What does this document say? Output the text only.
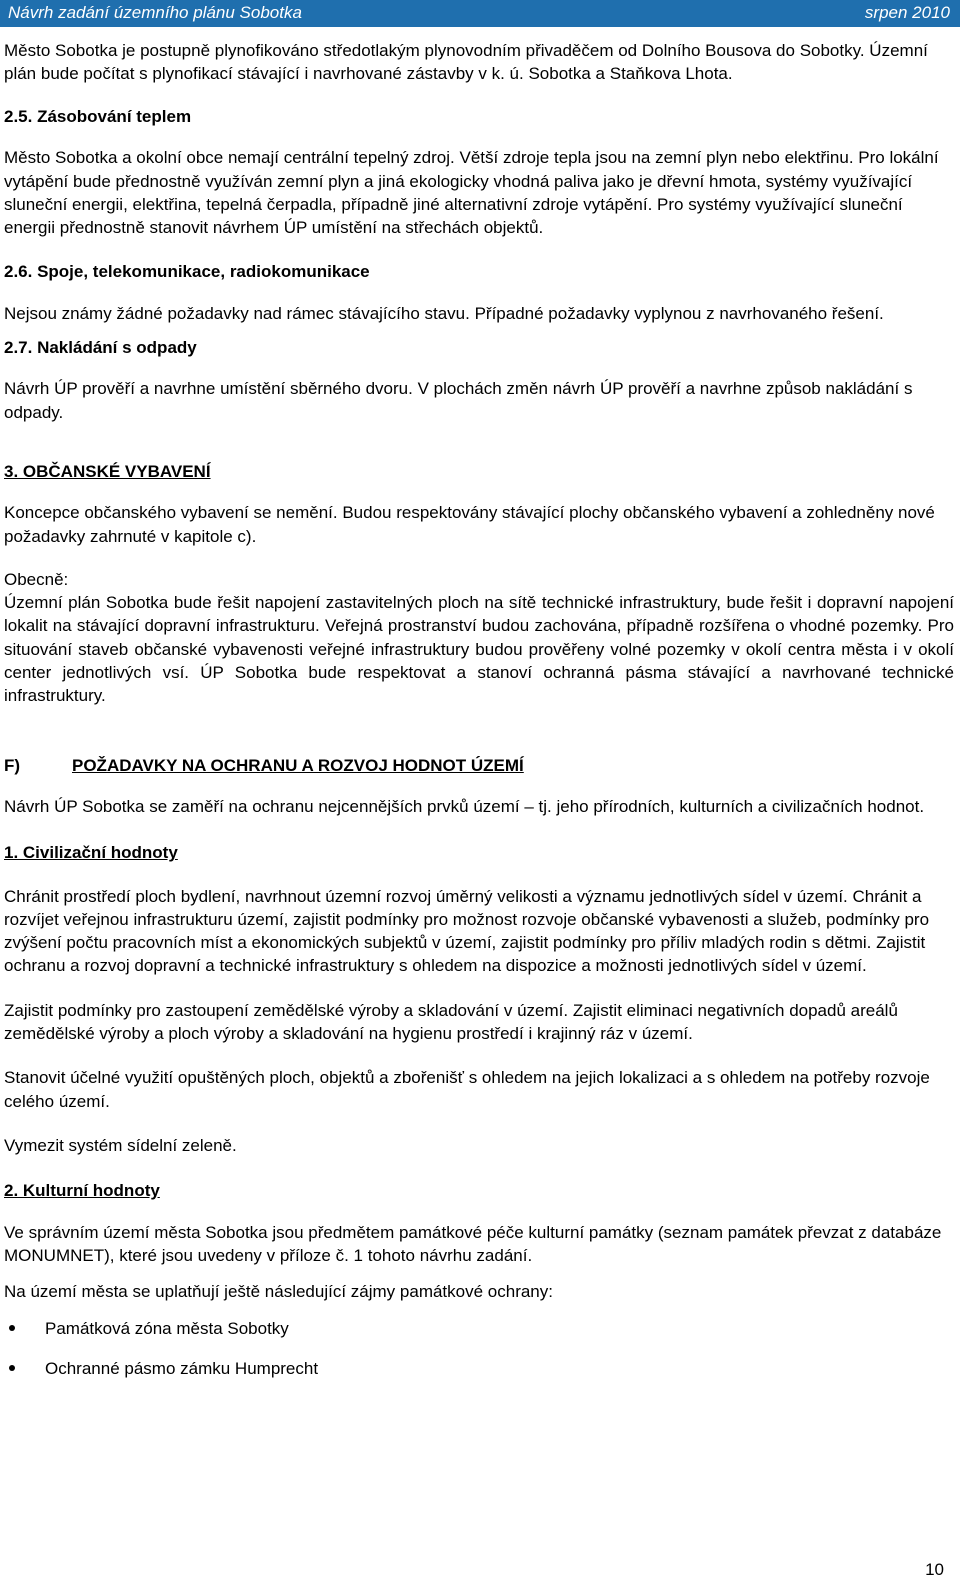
Návrh zadání územního plánu Sobotka	srpen 2010

Město Sobotka je postupně plynofikováno středotlakým plynovodním přivaděčem od Dolního Bousova do Sobotky. Územní plán bude počítat s plynofikací stávající i navrhované zástavby v k. ú. Sobotka a Staňkova Lhota.

2.5. Zásobování teplem

Město Sobotka a okolní obce nemají centrální tepelný zdroj. Větší zdroje tepla jsou na zemní plyn nebo elektřinu. Pro lokální vytápění bude přednostně využíván zemní plyn a jiná ekologicky vhodná paliva jako je dřevní hmota, systémy využívající sluneční energii, elektřina, tepelná čerpadla, případně jiné alternativní zdroje vytápění. Pro systémy využívající sluneční energii přednostně stanovit návrhem ÚP umístění na střechách objektů.

2.6. Spoje, telekomunikace, radiokomunikace

Nejsou známy žádné požadavky nad rámec stávajícího stavu. Případné požadavky vyplynou z navrhovaného řešení.

2.7. Nakládání s odpady

Návrh ÚP prověří a navrhne umístění sběrného dvoru. V plochách změn návrh ÚP prověří a navrhne způsob nakládání s odpady.

3. OBČANSKÉ VYBAVENÍ

Koncepce občanského vybavení se nemění. Budou respektovány stávající plochy občanského vybavení a zohledněny nové požadavky zahrnuté v kapitole c).

Obecně:

Územní plán Sobotka bude řešit napojení zastavitelných ploch na sítě technické infrastruktury, bude řešit i dopravní napojení lokalit na stávající dopravní infrastrukturu. Veřejná prostranství budou zachována, případně rozšířena o vhodné pozemky. Pro situování staveb občanské vybavenosti veřejné infrastruktury budou prověřeny volné pozemky v okolí centra města i v okolí center jednotlivých vsí. ÚP Sobotka bude respektovat a stanoví ochranná pásma stávající a navrhované technické infrastruktury.

F)	POŽADAVKY NA OCHRANU A ROZVOJ HODNOT ÚZEMÍ

Návrh ÚP Sobotka se zaměří na ochranu nejcennějších prvků území – tj. jeho přírodních, kulturních a civilizačních hodnot.

1. Civilizační hodnoty

Chránit prostředí ploch bydlení, navrhnout územní rozvoj úměrný velikosti a významu jednotlivých sídel v území. Chránit a rozvíjet veřejnou infrastrukturu území, zajistit podmínky pro možnost rozvoje občanské vybavenosti a služeb, podmínky pro zvýšení počtu pracovních míst a ekonomických subjektů v území, zajistit podmínky pro příliv mladých rodin s dětmi. Zajistit ochranu a rozvoj dopravní a technické infrastruktury s ohledem na dispozice a možnosti jednotlivých sídel v území.

Zajistit podmínky pro zastoupení zemědělské výroby a skladování v území. Zajistit eliminaci negativních dopadů areálů zemědělské výroby a ploch výroby a skladování na hygienu prostředí i krajinný ráz v území.

Stanovit účelné využití opuštěných ploch, objektů a zbořenišť s ohledem na jejich lokalizaci a s ohledem na potřeby rozvoje celého území.

Vymezit systém sídelní zeleně.

2. Kulturní hodnoty

Ve správním území města Sobotka jsou předmětem památkové péče kulturní památky (seznam památek převzat z databáze MONUMNET), které jsou uvedeny v příloze č. 1 tohoto návrhu zadání.

Na území města se uplatňují ještě následující zájmy památkové ochrany:

Památková zóna města Sobotky
Ochranné pásmo zámku Humprecht
10
